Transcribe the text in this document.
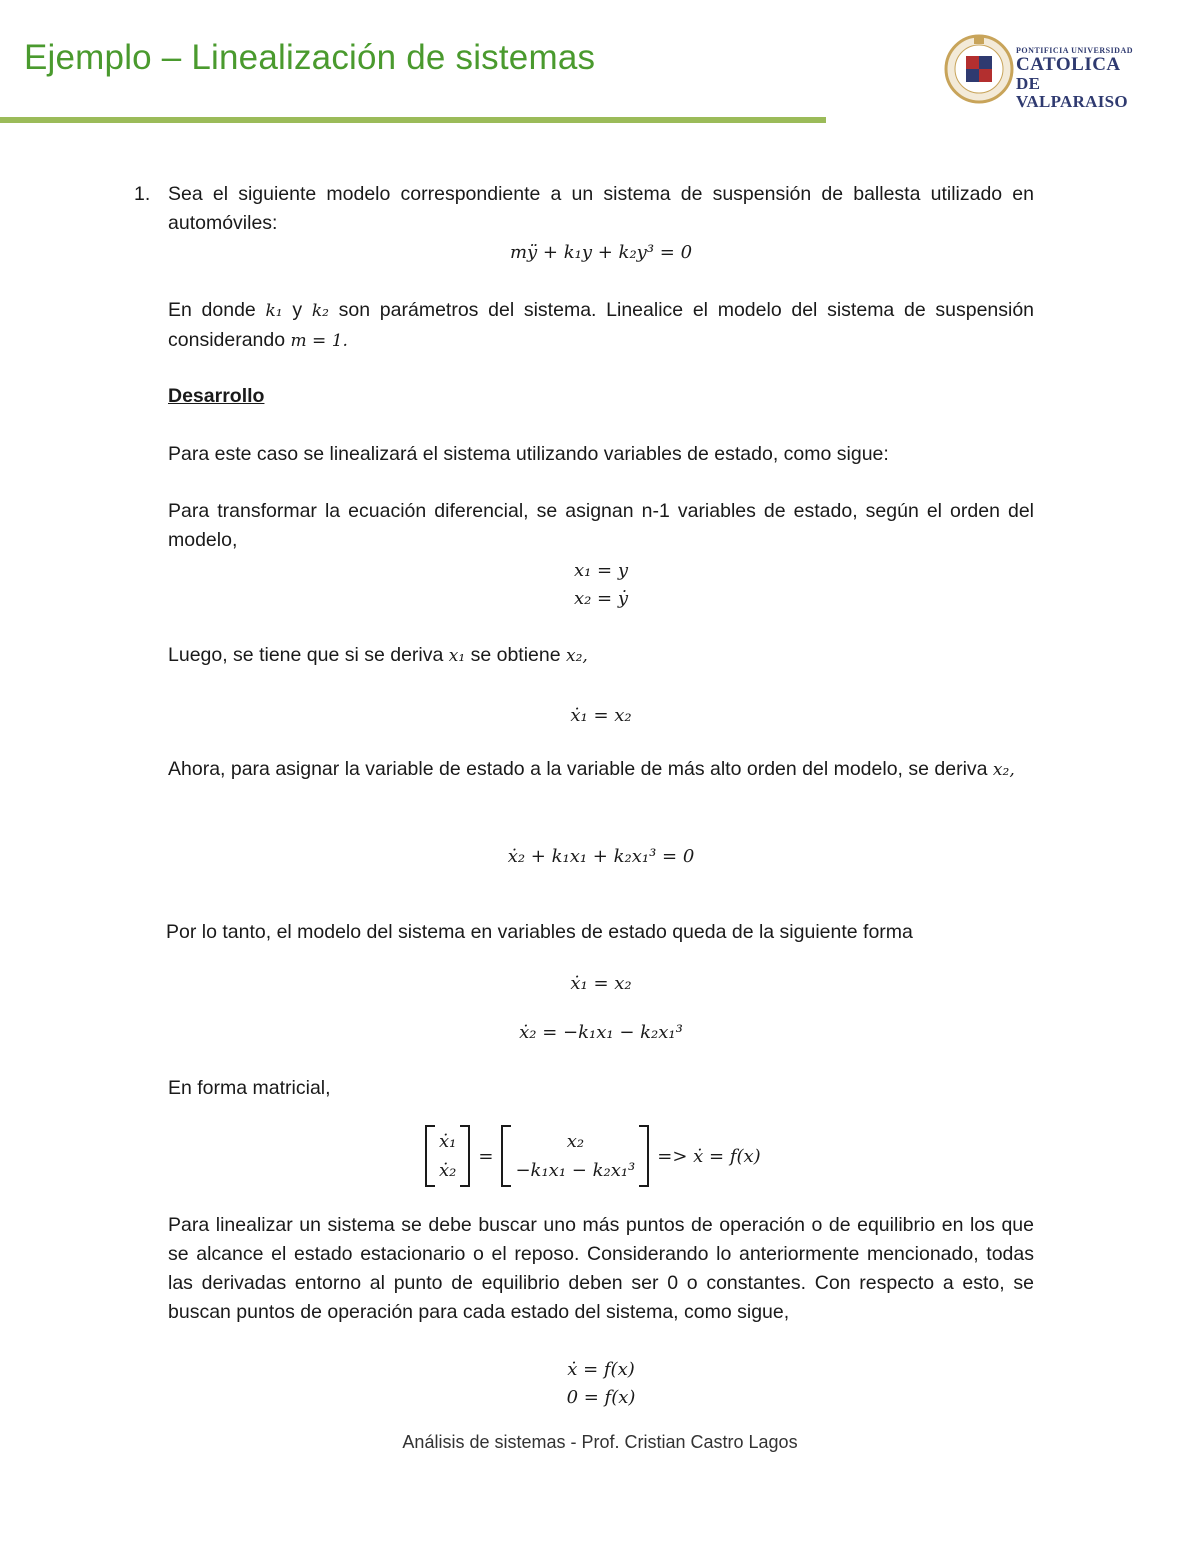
Ejemplo – Linealización de sistemas	PONTIFICIA UNIVERSIDAD
CATOLICA
DE VALPARAISO
1. Sea el siguiente modelo correspondiente a un sistema de suspensión de ballesta utilizado en automóviles:
mÿ + k₁y + k₂y³ = 0
En donde k₁ y k₂ son parámetros del sistema. Linealice el modelo del sistema de suspensión considerando m = 1.
Desarrollo
Para este caso se linealizará el sistema utilizando variables de estado, como sigue:
Para transformar la ecuación diferencial, se asignan n-1 variables de estado, según el orden del modelo,
x₁ = y
x₂ = ẏ
Luego, se tiene que si se deriva x₁ se obtiene x₂,
ẋ₁ = x₂
Ahora, para asignar la variable de estado a la variable de más alto orden del modelo, se deriva x₂,
ẋ₂ + k₁x₁ + k₂x₁³ = 0
Por lo tanto, el modelo del sistema en variables de estado queda de la siguiente forma
ẋ₁ = x₂
ẋ₂ = −k₁x₁ − k₂x₁³
En forma matricial,
ẋ₁
ẋ₂
=
x₂
−k₁x₁ − k₂x₁³
=> ẋ = f(x)
Para linealizar un sistema se debe buscar uno más puntos de operación o de equilibrio en los que se alcance el estado estacionario o el reposo. Considerando lo anteriormente mencionado, todas las derivadas entorno al punto de equilibrio deben ser 0 o constantes. Con respecto a esto, se buscan puntos de operación para cada estado del sistema, como sigue,
ẋ = f(x)
0 = f(x)
Análisis de sistemas - Prof. Cristian Castro Lagos
